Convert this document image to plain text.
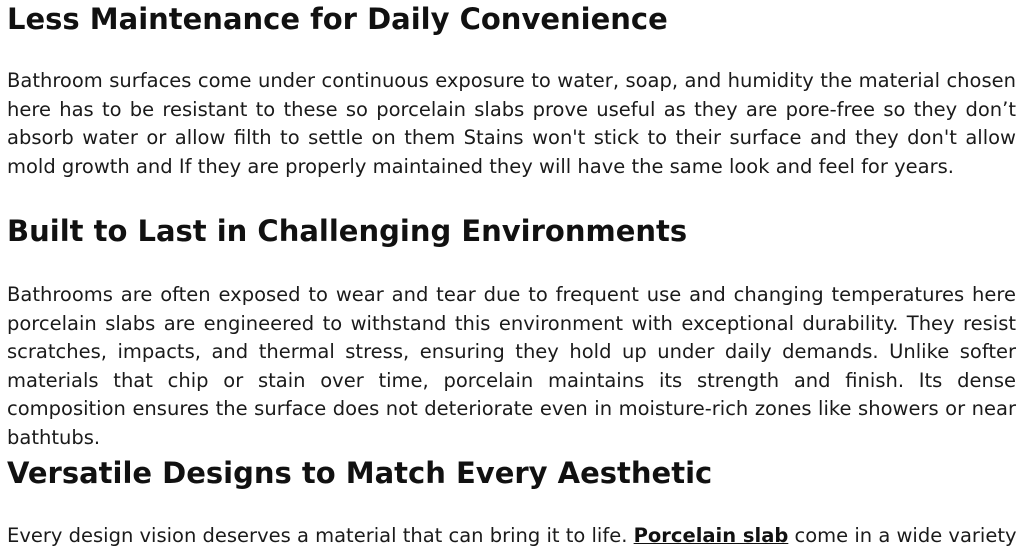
Less Maintenance for Daily Convenience

Bathroom surfaces come under continuous exposure to water, soap, and humidity the material chosen here has to be resistant to these so porcelain slabs prove useful as they are pore-free so they don’t absorb water or allow filth to settle on them Stains won't stick to their surface and they don't allow mold growth and If they are properly maintained they will have the same look and feel for years.

Built to Last in Challenging Environments

Bathrooms are often exposed to wear and tear due to frequent use and changing temperatures here porcelain slabs are engineered to withstand this environment with exceptional durability. They resist scratches, impacts, and thermal stress, ensuring they hold up under daily demands. Unlike softer materials that chip or stain over time, porcelain maintains its strength and finish. Its dense composition ensures the surface does not deteriorate even in moisture-rich zones like showers or near bathtubs.

Versatile Designs to Match Every Aesthetic

Every design vision deserves a material that can bring it to life. Porcelain slab come in a wide variety
